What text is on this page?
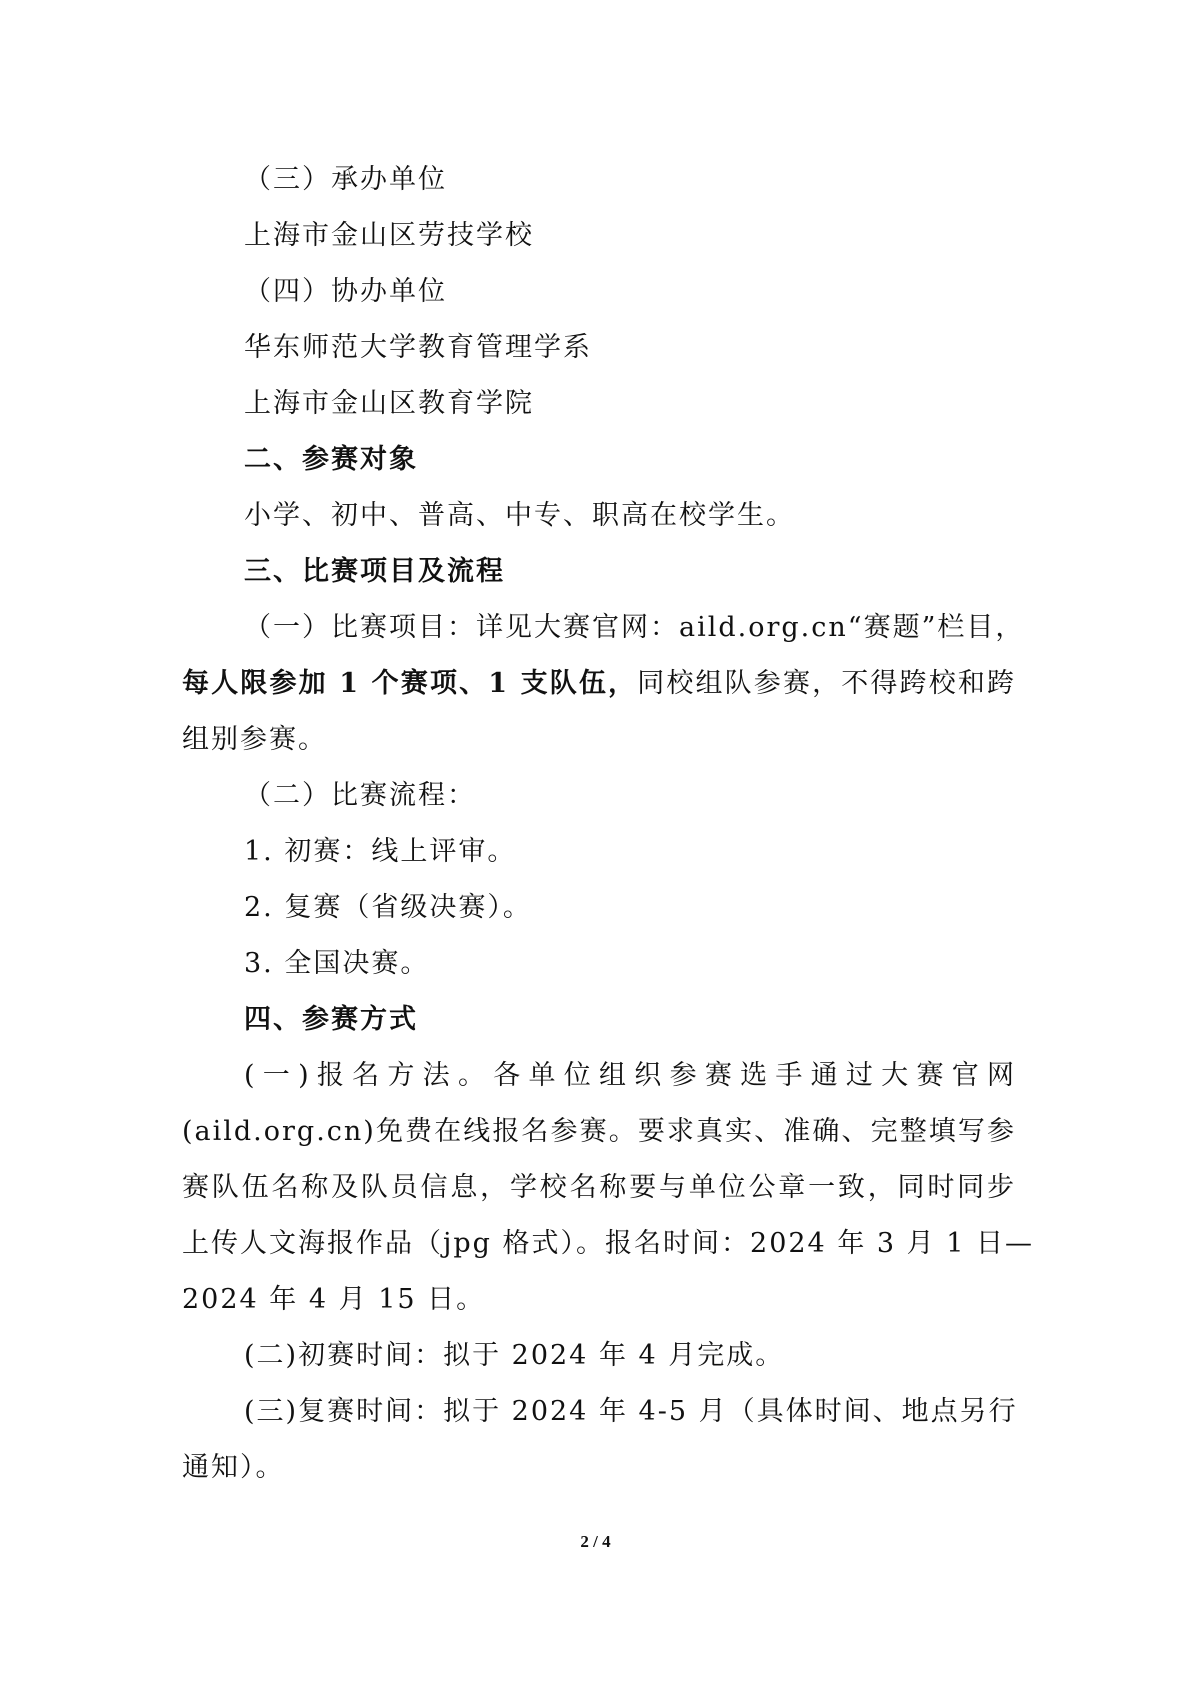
（三）承办单位

上海市金山区劳技学校

（四）协办单位

华东师范大学教育管理学系

上海市金山区教育学院

二、参赛对象

小学、初中、普高、中专、职高在校学生。

三、比赛项目及流程

（一）比赛项目：详见大赛官网：aild.org.cn“赛题”栏目，

每人限参加 1 个赛项、1 支队伍，同校组队参赛，不得跨校和跨

组别参赛。

（二）比赛流程：

1. 初赛：线上评审。

2. 复赛（省级决赛）。

3. 全国决赛。

四、参赛方式

(一)报名方法。各单位组织参赛选手通过大赛官网

(aild.org.cn)免费在线报名参赛。要求真实、准确、完整填写参

赛队伍名称及队员信息，学校名称要与单位公章一致，同时同步

上传人文海报作品（jpg 格式）。报名时间：2024 年 3 月 1 日—

2024 年 4 月 15 日。

(二)初赛时间：拟于 2024 年 4 月完成。

(三)复赛时间：拟于 2024 年 4-5 月（具体时间、地点另行

通知）。

2 / 4
